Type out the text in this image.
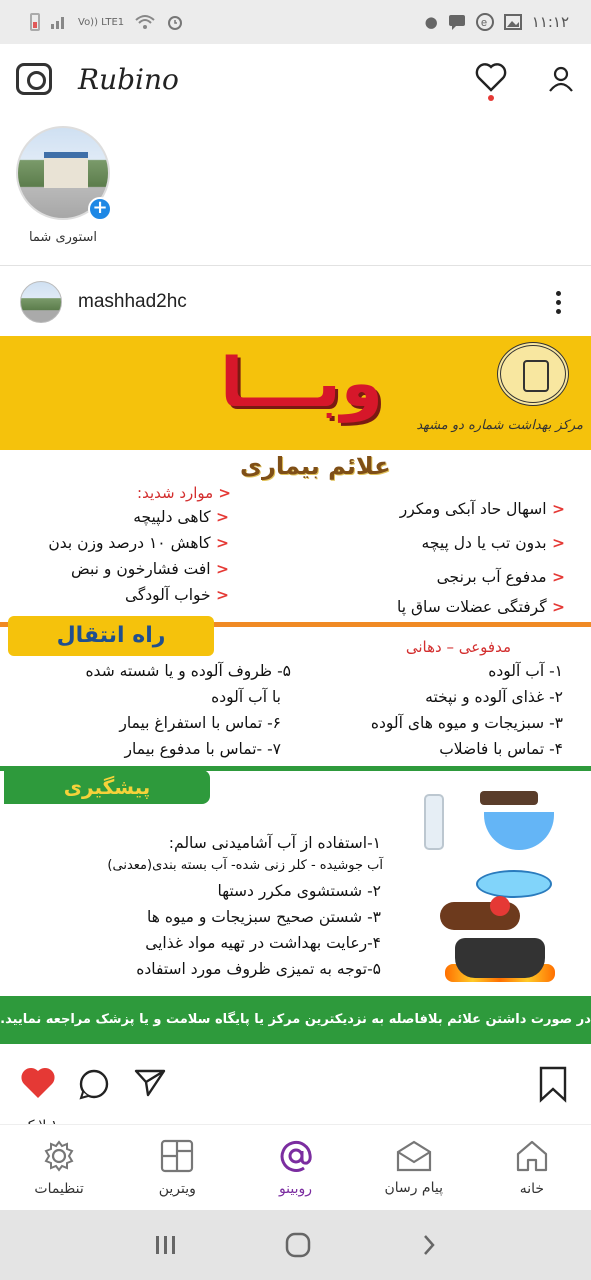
Vo)) LTE1	●	e	۱۱:۱۲
Rubino
+
استوری شما
mashhad2hc
وبـــا
مرکز بهداشت شماره دو مشهد
علائم بیماری
< موارد شدید:
< کاهی دلپیچه
< کاهش ۱۰ درصد وزن بدن
< افت فشارخون و نبض
< خواب آلودگی
< اسهال حاد آبکی ومکرر
< بدون تب یا دل پیچه
< مدفوع آب برنجی
< گرفتگی عضلات ساق پا
راه انتقال	مدفوعی – دهانی
۱- آب آلوده
۲- غذای آلوده و نپخته
۳- سبزیجات و میوه های آلوده
۴- تماس با فاضلاب
۵- ظروف آلوده و یا شسته شده
با آب آلوده
۶- تماس با استفراغ بیمار
۷- -تماس با مدفوع بیمار
پیشگیری
۱-استفاده از آب آشامیدنی سالم:
آب جوشیده - کلر زنی شده- آب بسته بندی(معدنی)
۲- شستشوی مکرر دستها
۳- شستن صحیح سبزیجات و میوه ها
۴-رعایت بهداشت در تهیه مواد غذایی
۵-توجه به تمیزی ظروف مورد استفاده
در صورت داشتن علائم بلافاصله به نزدیکترین مرکز یا پایگاه سلامت و یا پزشک مراجعه نمایید.
تنظیمات	ویترین	روبینو	پیام رسان	خانه
